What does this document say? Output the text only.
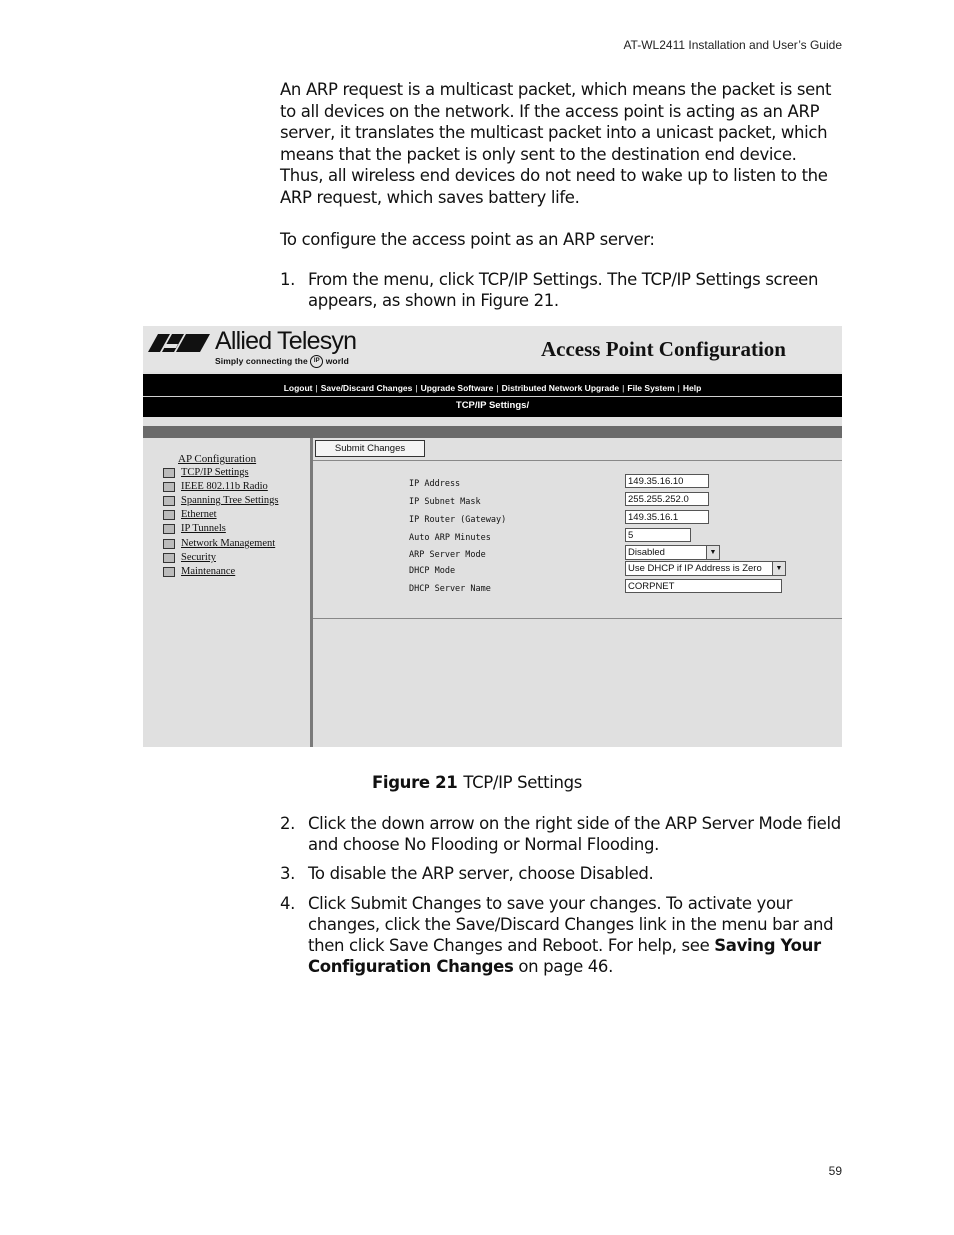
AT-WL2411 Installation and User’s Guide
An ARP request is a multicast packet, which means the packet is sent to all devices on the network. If the access point is acting as an ARP server, it translates the multicast packet into a unicast packet, which means that the packet is only sent to the destination end device. Thus, all wireless end devices do not need to wake up to listen to the ARP request, which saves battery life.
To configure the access point as an ARP server:
1. From the menu, click TCP/IP Settings. The TCP/IP Settings screen appears, as shown in Figure 21.
Allied Telesyn
Simply connecting the IP world	Access Point Configuration
Logout | Save/Discard Changes | Upgrade Software | Distributed Network Upgrade | File System | Help
TCP/IP Settings/
AP Configuration
TCP/IP Settings
IEEE 802.11b Radio
Spanning Tree Settings
Ethernet
IP Tunnels
Network Management
Security
Maintenance
Submit Changes
IP Address	149.35.16.10
IP Subnet Mask	255.255.252.0
IP Router (Gateway)	149.35.16.1
Auto ARP Minutes	5
ARP Server Mode	Disabled	▼
DHCP Mode	Use DHCP if IP Address is Zero	▼
DHCP Server Name	CORPNET
Figure 21 TCP/IP Settings
2. Click the down arrow on the right side of the ARP Server Mode field and choose No Flooding or Normal Flooding.
3. To disable the ARP server, choose Disabled.
4. Click Submit Changes to save your changes. To activate your changes, click the Save/Discard Changes link in the menu bar and then click Save Changes and Reboot. For help, see Saving Your Configuration Changes on page 46.
59
